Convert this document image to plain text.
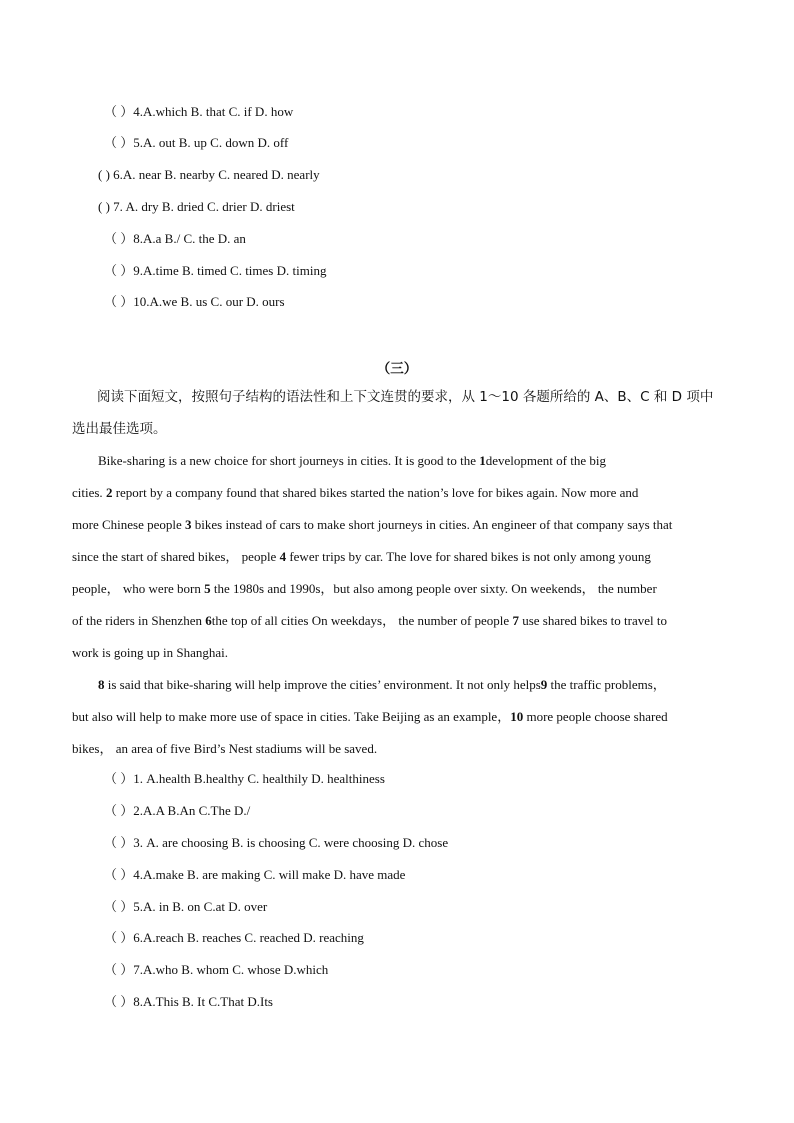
（ ）4.A.which B. that C. if D. how
（ ）5.A. out B. up C. down D. off
( ) 6.A. near B. nearby C. neared D. nearly
( ) 7. A. dry B. dried C. drier D. driest
（ ）8.A.a B./ C. the D. an
（ ）9.A.time B. timed C. times D. timing
（ ）10.A.we B. us C. our D. ours
（三）
阅读下面短文，按照句子结构的语法性和上下文连贯的要求，从 1～10 各题所给的 A、B、C 和 D 项中
选出最佳选项。
Bike-sharing is a new choice for short journeys in cities. It is good to the 1development of the big
cities. 2 report by a company found that shared bikes started the nation’s love for bikes again. Now more and
more Chinese people 3 bikes instead of cars to make short journeys in cities. An engineer of that company says that
since the start of shared bikes， people 4 fewer trips by car. The love for shared bikes is not only among young
people， who were born 5 the 1980s and 1990s，but also among people over sixty. On weekends， the number
of the riders in Shenzhen 6the top of all cities On weekdays， the number of people 7 use shared bikes to travel to
work is going up in Shanghai.
8 is said that bike-sharing will help improve the cities’ environment. It not only helps9 the traffic problems，
but also will help to make more use of space in cities. Take Beijing as an example，10 more people choose shared
bikes， an area of five Bird’s Nest stadiums will be saved.
（ ）1. A.health B.healthy C. healthily D. healthiness
（ ）2.A.A B.An C.The D./
（ ）3. A. are choosing B. is choosing C. were choosing D. chose
（ ）4.A.make B. are making C. will make D. have made
（ ）5.A. in B. on C.at D. over
（ ）6.A.reach B. reaches C. reached D. reaching
（ ）7.A.who B. whom C. whose D.which
（ ）8.A.This B. It C.That D.Its
